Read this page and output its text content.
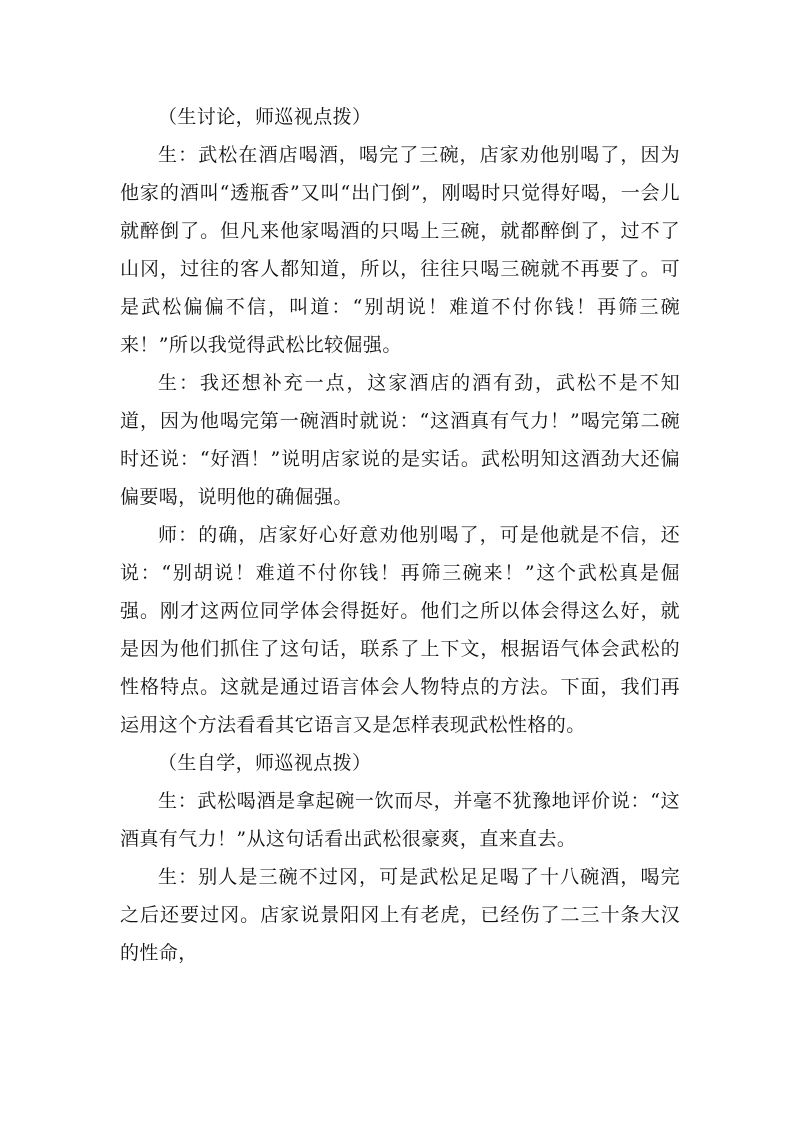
（生讨论，师巡视点拨）

生：武松在酒店喝酒，喝完了三碗，店家劝他别喝了，因为他家的酒叫“透瓶香”又叫“出门倒”，刚喝时只觉得好喝，一会儿就醉倒了。但凡来他家喝酒的只喝上三碗，就都醉倒了，过不了山冈，过往的客人都知道，所以，往往只喝三碗就不再要了。可是武松偏偏不信，叫道：“别胡说！难道不付你钱！再筛三碗来！”所以我觉得武松比较倔强。

生：我还想补充一点，这家酒店的酒有劲，武松不是不知道，因为他喝完第一碗酒时就说：“这酒真有气力！”喝完第二碗时还说：“好酒！”说明店家说的是实话。武松明知这酒劲大还偏偏要喝，说明他的确倔强。

师：的确，店家好心好意劝他别喝了，可是他就是不信，还说：“别胡说！难道不付你钱！再筛三碗来！”这个武松真是倔强。刚才这两位同学体会得挺好。他们之所以体会得这么好，就是因为他们抓住了这句话，联系了上下文，根据语气体会武松的性格特点。这就是通过语言体会人物特点的方法。下面，我们再运用这个方法看看其它语言又是怎样表现武松性格的。

（生自学，师巡视点拨）

生：武松喝酒是拿起碗一饮而尽，并毫不犹豫地评价说：“这酒真有气力！”从这句话看出武松很豪爽，直来直去。

生：别人是三碗不过冈，可是武松足足喝了十八碗酒，喝完之后还要过冈。店家说景阳冈上有老虎，已经伤了二三十条大汉的性命，
